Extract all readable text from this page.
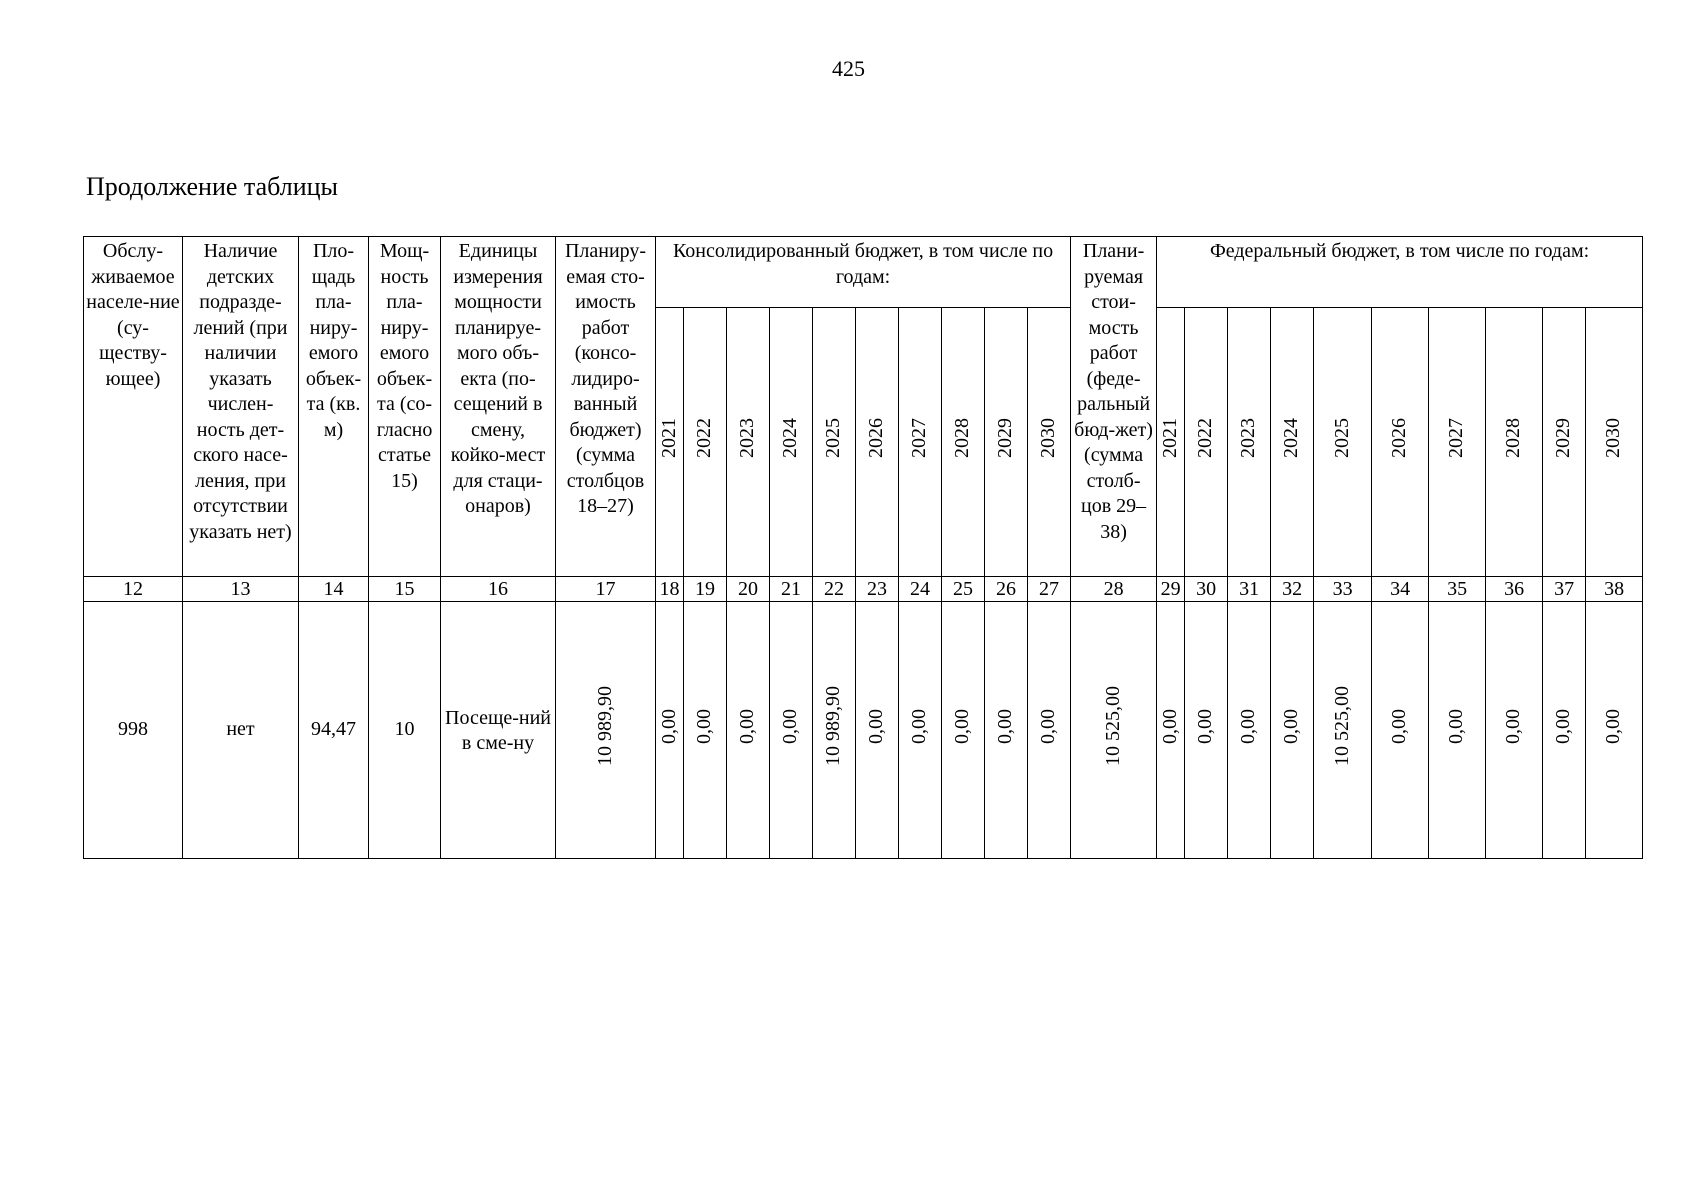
425
Продолжение таблицы
Обслу-живаемое населе-ние (су-ществу-ющее)	Наличие детских подразде-лений (при наличии указать числен-ность дет-ского насе-ления, при отсутствии указать нет)	Пло-щадь пла-ниру-емого объек-та (кв. м)	Мощ-ность пла-ниру-емого объек-та (со-гласно статье 15)	Единицы измерения мощности планируе-мого объ-екта (по-сещений в смену, койко-мест для стаци-онаров)	Планиру-емая сто-имость работ (консо-лидиро-ванный бюджет) (сумма столбцов 18–27)	Консолидированный бюджет, в том числе по годам:										Плани-руемая стои-мость работ (феде-ральный бюд-жет) (сумма столб-цов 29–38)	Федеральный бюджет, в том числе по годам:									

						2021	2022	2023	2024	2025	2026	2027	2028	2029	2030		2021	2022	2023	2024	2025	2026	2027	2028	2029	2030
12	13	14	15	16	17	18	19	20	21	22	23	24	25	26	27	28	29	30	31	32	33	34	35	36	37	38
998	нет	94,47	10	Посеще-ний в сме-ну	10 989,90	0,00	0,00	0,00	0,00	10 989,90	0,00	0,00	0,00	0,00	0,00	10 525,00	0,00	0,00	0,00	0,00	10 525,00	0,00	0,00	0,00	0,00	0,00
